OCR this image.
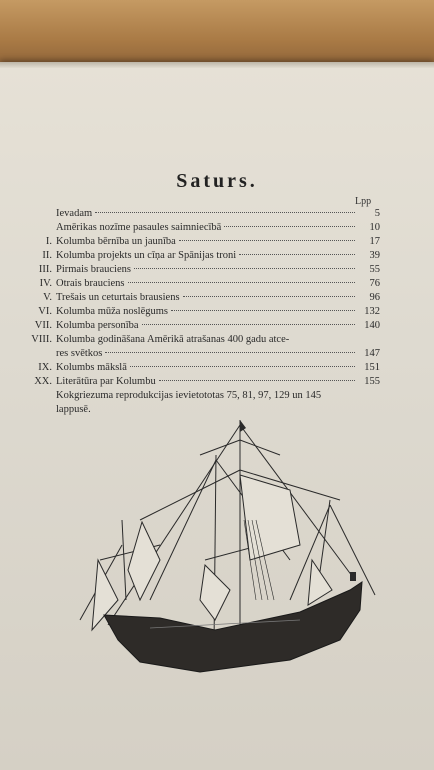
Saturs.
Lpp
Ievadam	5
Amērikas nozīme pasaules saimniecībā	10
I. Kolumba bērnība un jaunība	17
II. Kolumba projekts un cīņa ar Spānijas troni	39
III. Pirmais brauciens	55
IV. Otrais brauciens	76
V. Trešais un ceturtais brausiens	96
VI. Kolumba mūža noslēgums	132
VII. Kolumba personība	140
VIII. Kolumba godināšana Amērikā atrašanas 400 gadu atce-
res svētkos	147
IX. Kolumbs mākslā	151
XX. Literātūra par Kolumbu	155
Kokgriezuma reprodukcijas ievietototas 75, 81, 97, 129 un 145
lappusē.
